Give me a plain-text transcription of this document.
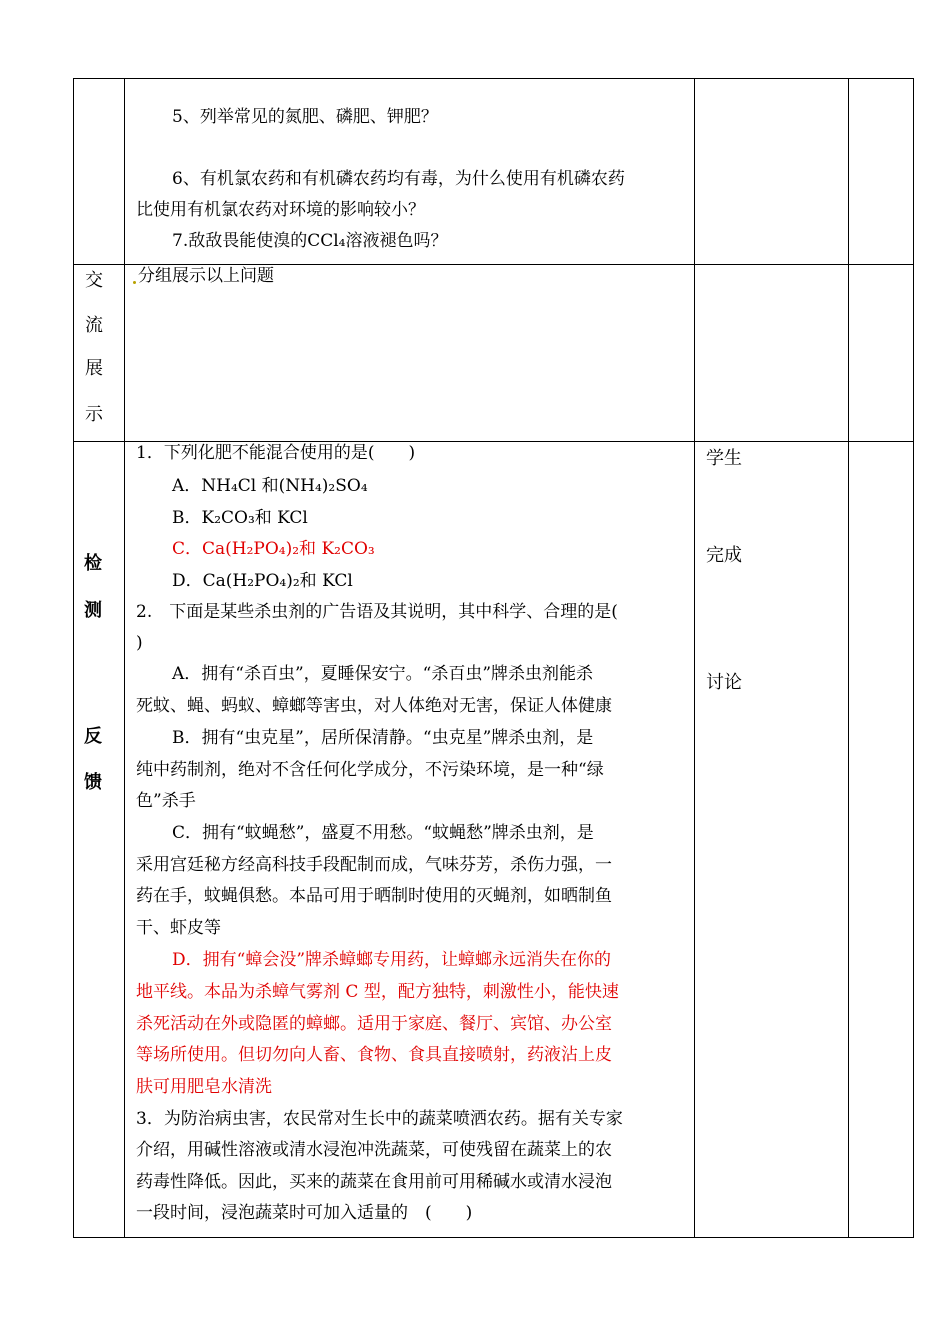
5、列举常见的氮肥、磷肥、钾肥？
6、有机氯农药和有机磷农药均有毒，为什么使用有机磷农药
比使用有机氯农药对环境的影响较小？
7.敌敌畏能使溴的CCl₄溶液褪色吗？
交
流
展
示
分组展示以上问题
检
测
反
馈
学生
完成
讨论
1．下列化肥不能混合使用的是(　　)
A．NH₄Cl 和(NH₄)₂SO₄
B．K₂CO₃和 KCl
C．Ca(H₂PO₄)₂和 K₂CO₃
D．Ca(H₂PO₄)₂和 KCl
2.　下面是某些杀虫剂的广告语及其说明，其中科学、合理的是(
)
A．拥有“杀百虫”，夏睡保安宁。“杀百虫”牌杀虫剂能杀
死蚊、蝇、蚂蚁、蟑螂等害虫，对人体绝对无害，保证人体健康
B．拥有“虫克星”，居所保清静。“虫克星”牌杀虫剂，是
纯中药制剂，绝对不含任何化学成分，不污染环境，是一种“绿
色”杀手
C．拥有“蚊蝇愁”，盛夏不用愁。“蚊蝇愁”牌杀虫剂，是
采用宫廷秘方经高科技手段配制而成，气味芬芳，杀伤力强，一
药在手，蚊蝇俱愁。本品可用于晒制时使用的灭蝇剂，如晒制鱼
干、虾皮等
D．拥有“蟑会没”牌杀蟑螂专用药，让蟑螂永远消失在你的
地平线。本品为杀蟑气雾剂 C 型，配方独特，刺激性小，能快速
杀死活动在外或隐匿的蟑螂。适用于家庭、餐厅、宾馆、办公室
等场所使用。但切勿向人畜、食物、食具直接喷射，药液沾上皮
肤可用肥皂水清洗
3．为防治病虫害，农民常对生长中的蔬菜喷洒农药。据有关专家
介绍，用碱性溶液或清水浸泡冲洗蔬菜，可使残留在蔬菜上的农
药毒性降低。因此，买来的蔬菜在食用前可用稀碱水或清水浸泡
一段时间，浸泡蔬菜时可加入适量的　(　　)
